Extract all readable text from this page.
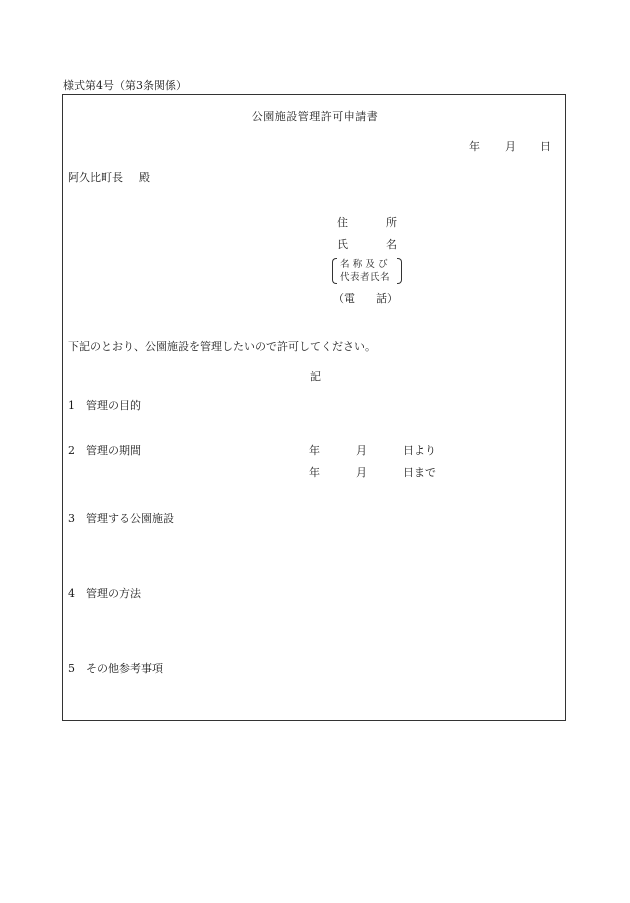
様式第4号（第3条関係）
公園施設管理許可申請書
年 月 日
阿久比町長 殿
住	所
氏	名
名称及び
代表者氏名
（電 話）
下記のとおり、公園施設を管理したいので許可してください。
記
1 管理の目的
2 管理の期間	年	月	日より
年	月	日まで
3 管理する公園施設
4 管理の方法
5 その他参考事項
